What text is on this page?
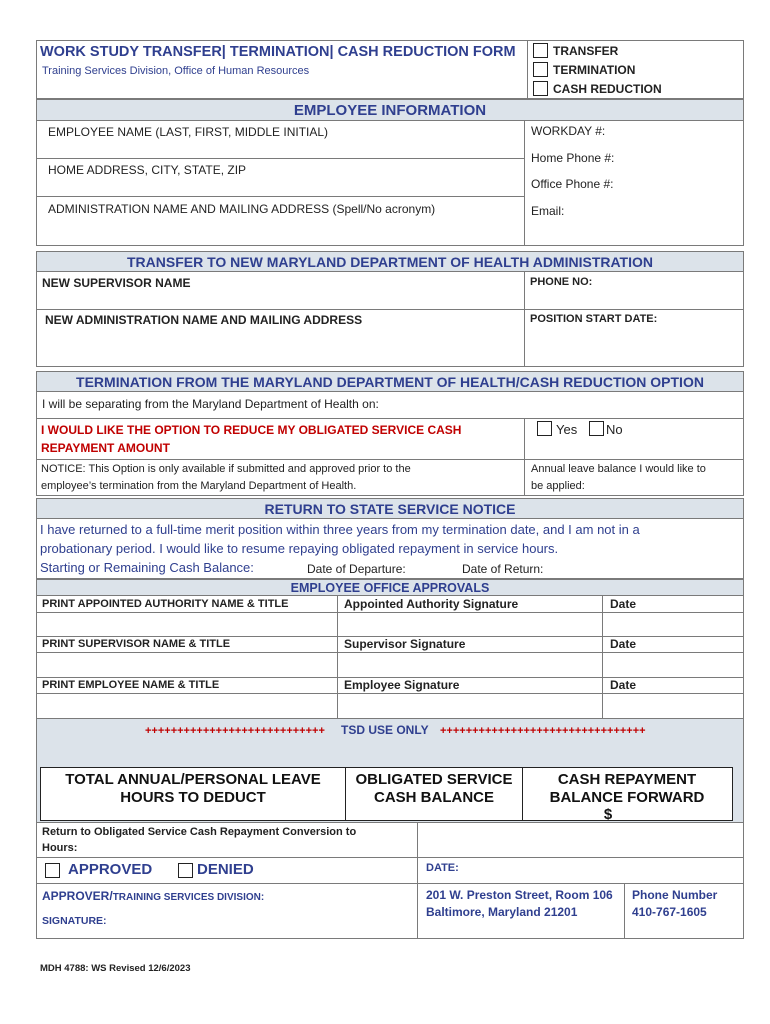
WORK STUDY TRANSFER| TERMINATION| CASH REDUCTION FORM
Training Services Division, Office of Human Resources
TRANSFER
TERMINATION
CASH REDUCTION
EMPLOYEE INFORMATION
EMPLOYEE NAME (LAST, FIRST, MIDDLE INITIAL)
HOME ADDRESS, CITY, STATE, ZIP
ADMINISTRATION NAME AND MAILING ADDRESS (Spell/No acronym)
WORKDAY #:
Home Phone #:
Office Phone #:
Email:
TRANSFER TO NEW MARYLAND DEPARTMENT OF HEALTH ADMINISTRATION
NEW SUPERVISOR NAME	PHONE NO:
NEW ADMINISTRATION NAME AND MAILING ADDRESS	POSITION START DATE:
TERMINATION FROM THE MARYLAND DEPARTMENT OF HEALTH/CASH REDUCTION OPTION
I will be separating from the Maryland Department of Health on:
I WOULD LIKE THE OPTION TO REDUCE MY OBLIGATED SERVICE CASH
REPAYMENT AMOUNT
Yes No
NOTICE: This Option is only available if submitted and approved prior to the
employee’s termination from the Maryland Department of Health.
Annual leave balance I would like to
be applied:
RETURN TO STATE SERVICE NOTICE
I have returned to a full-time merit position within three years from my termination date, and I am not in a
probationary period. I would like to resume repaying obligated repayment in service hours.
Starting or Remaining Cash Balance:	Date of Departure:	Date of Return:
EMPLOYEE OFFICE APPROVALS
PRINT APPOINTED AUTHORITY NAME & TITLE	Appointed Authority Signature	Date
PRINT SUPERVISOR NAME & TITLE	Supervisor Signature	Date
PRINT EMPLOYEE NAME & TITLE	Employee Signature	Date
++++++++++++++++++++++++++++ TSD USE ONLY ++++++++++++++++++++++++++++++++
TOTAL ANNUAL/PERSONAL LEAVE HOURS TO DEDUCT
OBLIGATED SERVICE CASH BALANCE
CASH REPAYMENT BALANCE FORWARD
$
Return to Obligated Service Cash Repayment Conversion to
Hours:
APPROVED	DENIED	DATE:
APPROVER/TRAINING SERVICES DIVISION:
SIGNATURE:
201 W. Preston Street, Room 106
Baltimore, Maryland 21201
Phone Number
410-767-1605
MDH 4788: WS Revised 12/6/2023
